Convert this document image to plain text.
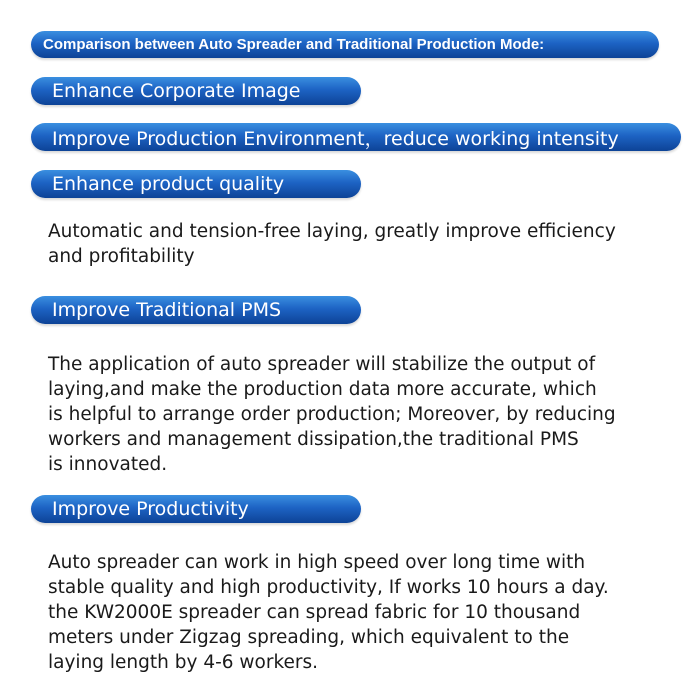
Comparison between Auto Spreader and Traditional Production Mode:
Enhance Corporate Image
Improve Production Environment，reduce working intensity
Enhance product quality

Automatic and tension-free laying, greatly improve efficiency
and profitability

Improve Traditional PMS

The application of auto spreader will stabilize the output of
laying,and make the production data more accurate, which
is helpful to arrange order production; Moreover, by reducing
workers and management dissipation,the traditional PMS
is innovated.

Improve Productivity

Auto spreader can work in high speed over long time with
stable quality and high productivity, If works 10 hours a day.
the KW2000E spreader can spread fabric for 10 thousand
meters under Zigzag spreading, which equivalent to the
laying length by 4-6 workers.
